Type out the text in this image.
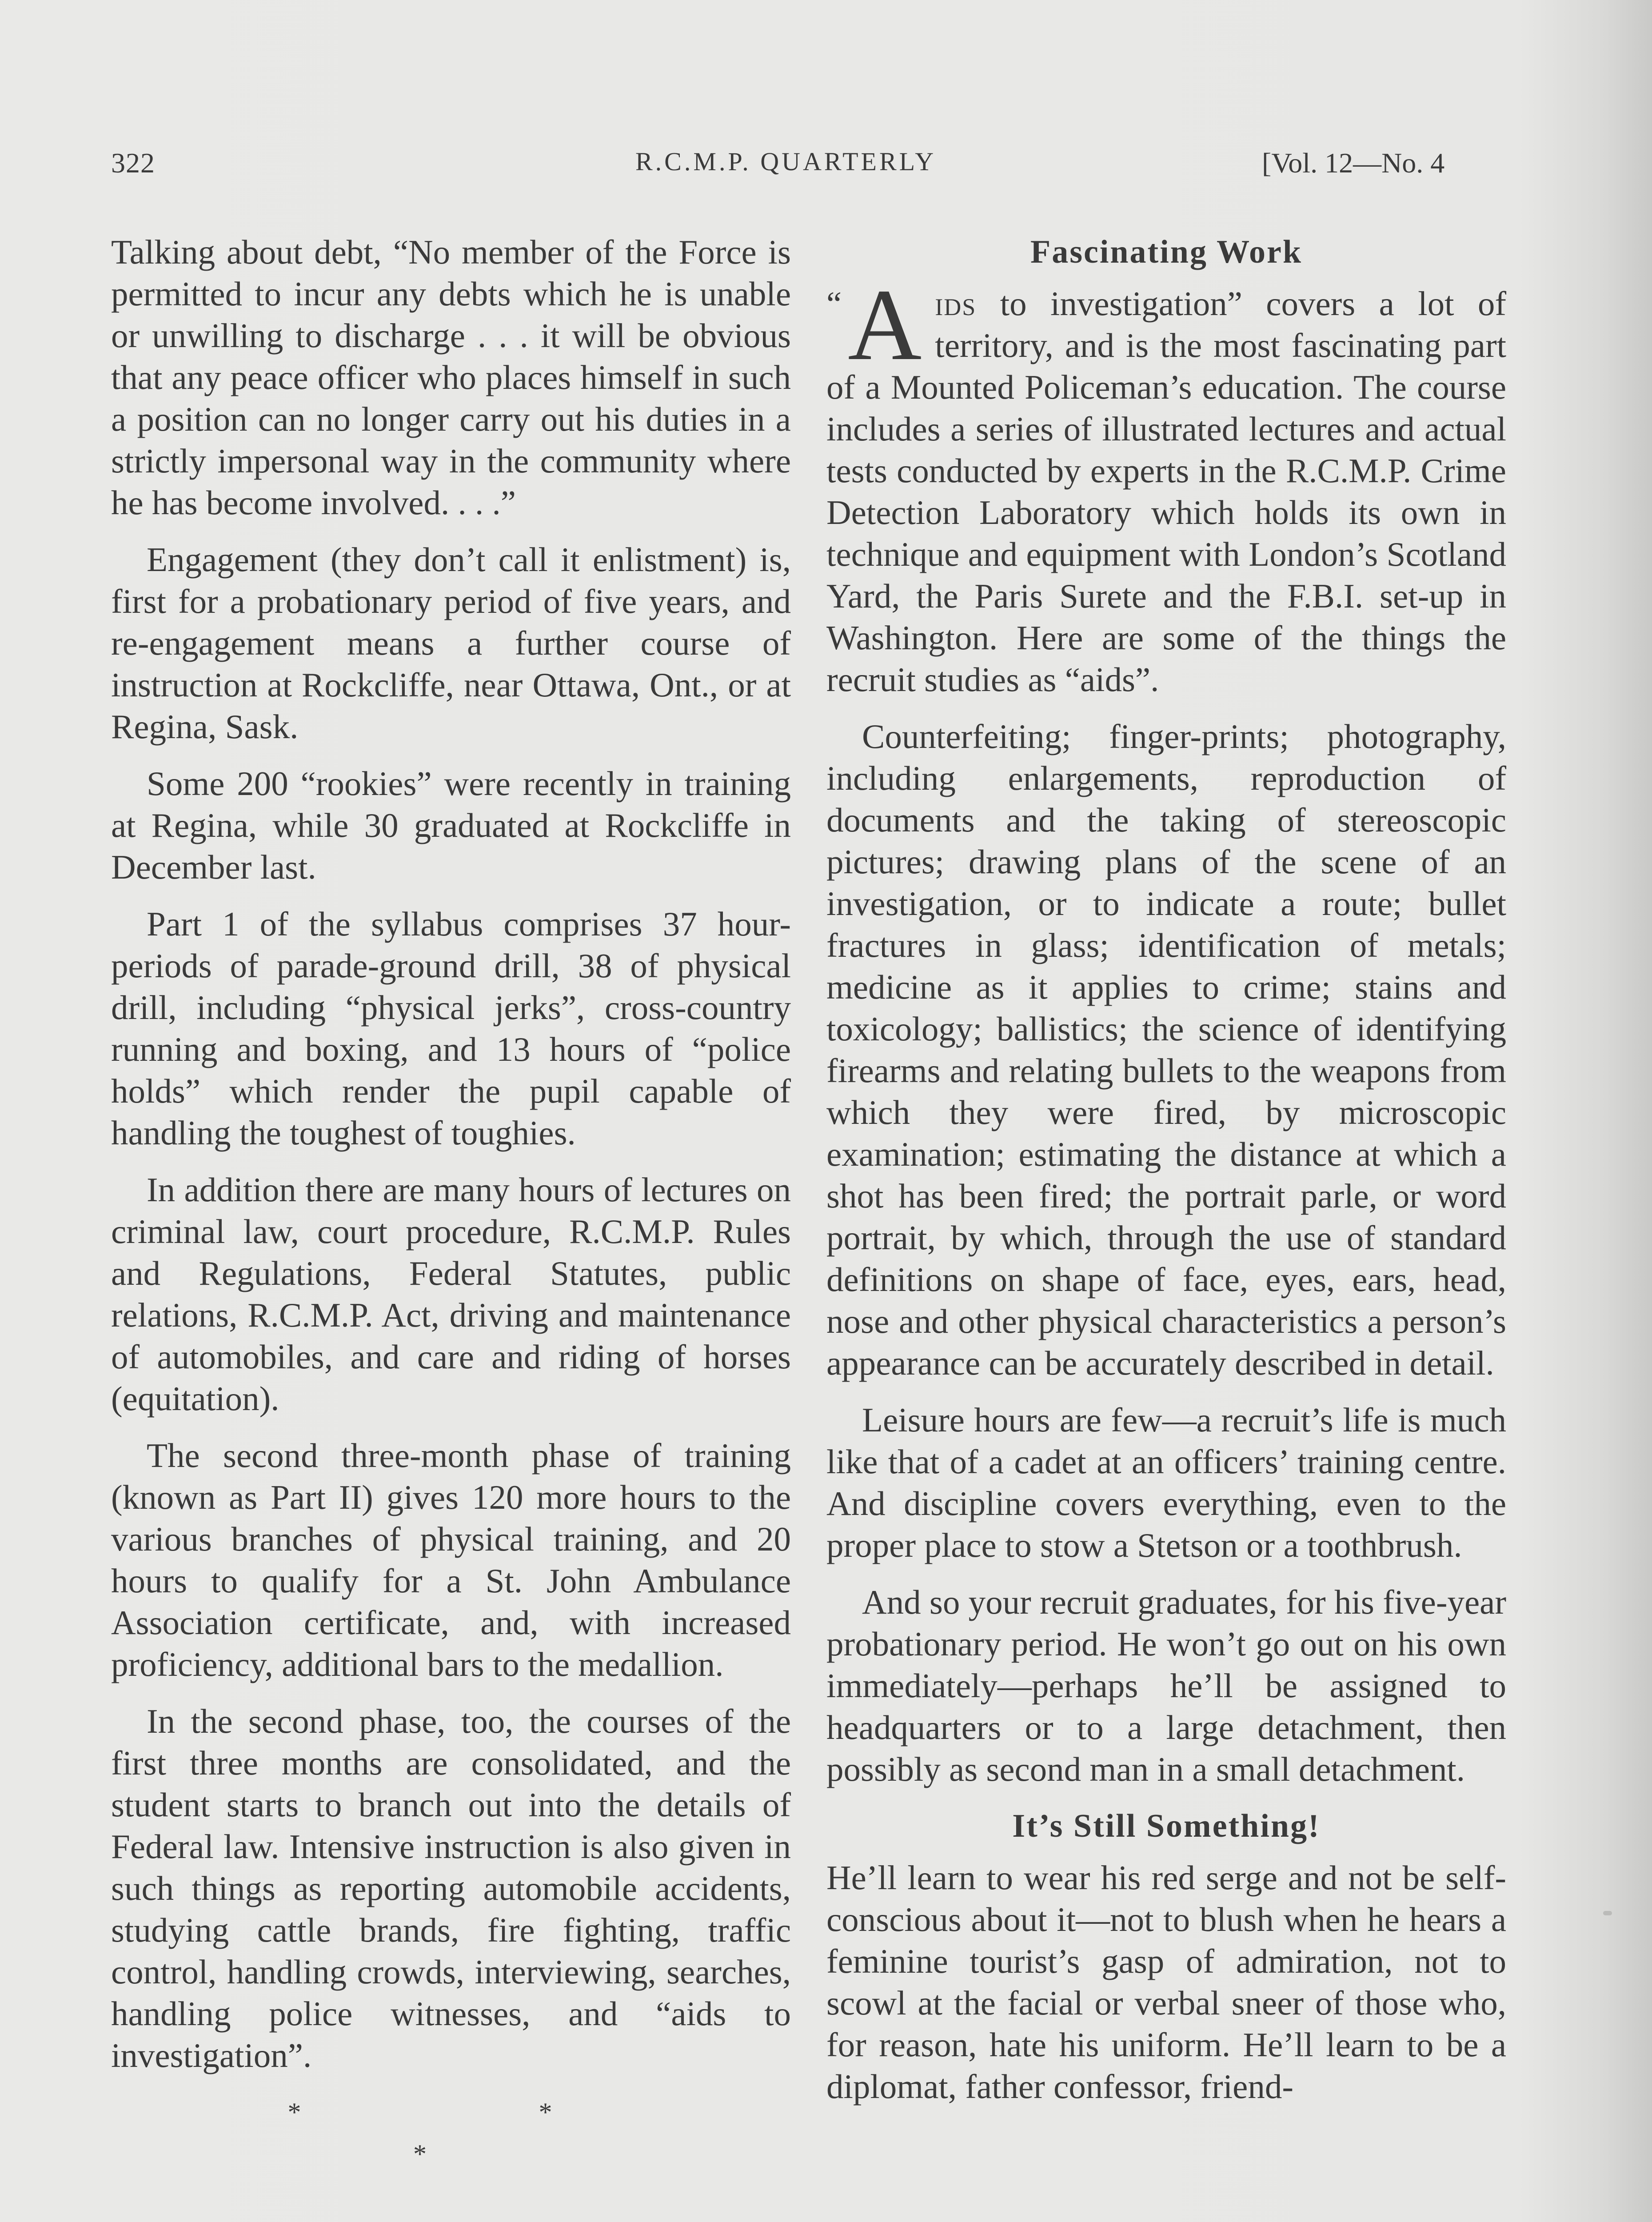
322	R.C.M.P. QUARTERLY	[Vol. 12—No. 4

Talking about debt, “No member of the Force is permitted to incur any debts which he is unable or unwilling to discharge . . . it will be obvious that any peace officer who places himself in such a position can no longer carry out his duties in a strictly impersonal way in the community where he has become involved. . . .”

Engagement (they don’t call it enlistment) is, first for a probationary period of five years, and re-engagement means a further course of instruction at Rockcliffe, near Ottawa, Ont., or at Regina, Sask.

Some 200 “rookies” were recently in training at Regina, while 30 graduated at Rockcliffe in December last.

Part 1 of the syllabus comprises 37 hour-periods of parade-ground drill, 38 of physical drill, including “physical jerks”, cross-country running and boxing, and 13 hours of “police holds” which render the pupil capable of handling the toughest of toughies.

In addition there are many hours of lectures on criminal law, court procedure, R.C.M.P. Rules and Regulations, Federal Statutes, public relations, R.C.M.P. Act, driving and maintenance of automobiles, and care and riding of horses (equitation).

The second three-month phase of training (known as Part II) gives 120 more hours to the various branches of physical training, and 20 hours to qualify for a St. John Ambulance Association certificate, and, with increased proficiency, additional bars to the medallion.

In the second phase, too, the courses of the first three months are consolidated, and the student starts to branch out into the details of Federal law. Intensive instruction is also given in such things as reporting automobile accidents, studying cattle brands, fire fighting, traffic control, handling crowds, interviewing, searches, handling police witnesses, and “aids to investigation”.

* * *

Fascinating Work

“ A ids to investigation” covers a lot of territory, and is the most fascinating part of a Mounted Policeman’s education. The course includes a series of illustrated lectures and actual tests conducted by experts in the R.C.M.P. Crime Detection Laboratory which holds its own in technique and equipment with London’s Scotland Yard, the Paris Surete and the F.B.I. set-up in Washington. Here are some of the things the recruit studies as “aids”.

Counterfeiting; finger-prints; photography, including enlargements, reproduction of documents and the taking of stereoscopic pictures; drawing plans of the scene of an investigation, or to indicate a route; bullet fractures in glass; identification of metals; medicine as it applies to crime; stains and toxicology; ballistics; the science of identifying firearms and relating bullets to the weapons from which they were fired, by microscopic examination; estimating the distance at which a shot has been fired; the portrait parle, or word portrait, by which, through the use of standard definitions on shape of face, eyes, ears, head, nose and other physical characteristics a person’s appearance can be accurately described in detail.

Leisure hours are few—a recruit’s life is much like that of a cadet at an officers’ training centre. And discipline covers everything, even to the proper place to stow a Stetson or a toothbrush.

And so your recruit graduates, for his five-year probationary period. He won’t go out on his own immediately—perhaps he’ll be assigned to headquarters or to a large detachment, then possibly as second man in a small detachment.

It’s Still Something!

He’ll learn to wear his red serge and not be self-conscious about it—not to blush when he hears a feminine tourist’s gasp of admiration, not to scowl at the facial or verbal sneer of those who, for reason, hate his uniform. He’ll learn to be a diplomat, father confessor, friend-
